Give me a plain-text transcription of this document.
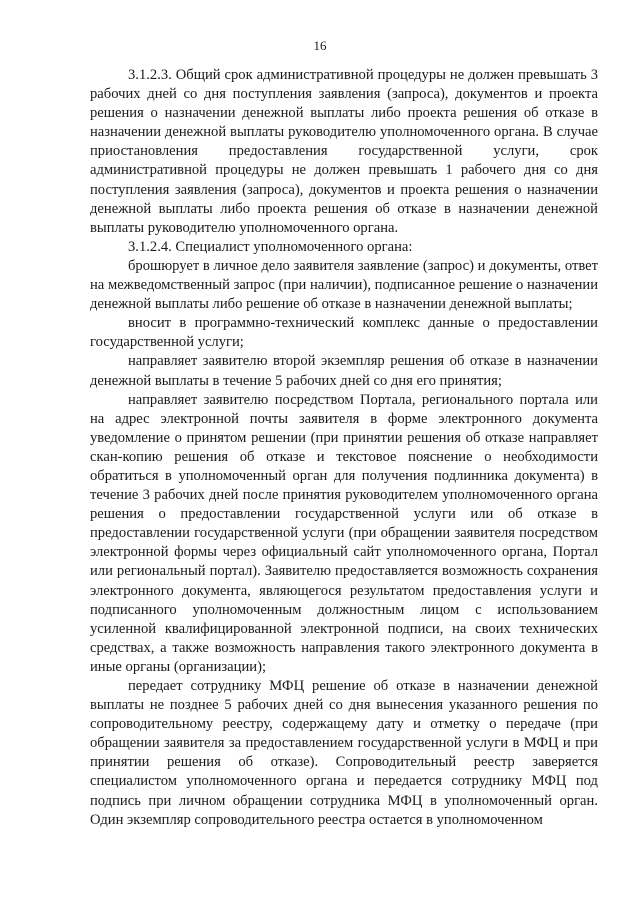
16

3.1.2.3. Общий срок административной процедуры не должен превышать 3 рабочих дней со дня поступления заявления (запроса), документов и проекта решения о назначении денежной выплаты либо проекта решения об отказе в назначении денежной выплаты руководителю уполномоченного органа. В случае приостановления предоставления государственной услуги, срок административной процедуры не должен превышать 1 рабочего дня со дня поступления заявления (запроса), документов и проекта решения о назначении денежной выплаты либо проекта решения об отказе в назначении денежной выплаты руководителю уполномоченного органа.

3.1.2.4. Специалист уполномоченного органа:

брошюрует в личное дело заявителя заявление (запрос) и документы, ответ на межведомственный запрос (при наличии), подписанное решение о назначении денежной выплаты либо решение об отказе в назначении денежной выплаты;

вносит в программно-технический комплекс данные о предоставлении государственной услуги;

направляет заявителю второй экземпляр решения об отказе в назначении денежной выплаты в течение 5 рабочих дней со дня его принятия;

направляет заявителю посредством Портала, регионального портала или на адрес электронной почты заявителя в форме электронного документа уведомление о принятом решении (при принятии решения об отказе направляет скан-копию решения об отказе и текстовое пояснение о необходимости обратиться в уполномоченный орган для получения подлинника документа) в течение 3 рабочих дней после принятия руководителем уполномоченного органа решения о предоставлении государственной услуги или об отказе в предоставлении государственной услуги (при обращении заявителя посредством электронной формы через официальный сайт уполномоченного органа, Портал или региональный портал). Заявителю предоставляется возможность сохранения электронного документа, являющегося результатом предоставления услуги и подписанного уполномоченным должностным лицом с использованием усиленной квалифицированной электронной подписи, на своих технических средствах, а также возможность направления такого электронного документа в иные органы (организации);

передает сотруднику МФЦ решение об отказе в назначении денежной выплаты не позднее 5 рабочих дней со дня вынесения указанного решения по сопроводительному реестру, содержащему дату и отметку о передаче (при обращении заявителя за предоставлением государственной услуги в МФЦ и при принятии решения об отказе). Сопроводительный реестр заверяется специалистом уполномоченного органа и передается сотруднику МФЦ под подпись при личном обращении сотрудника МФЦ в уполномоченный орган. Один экземпляр сопроводительного реестра остается в уполномоченном
